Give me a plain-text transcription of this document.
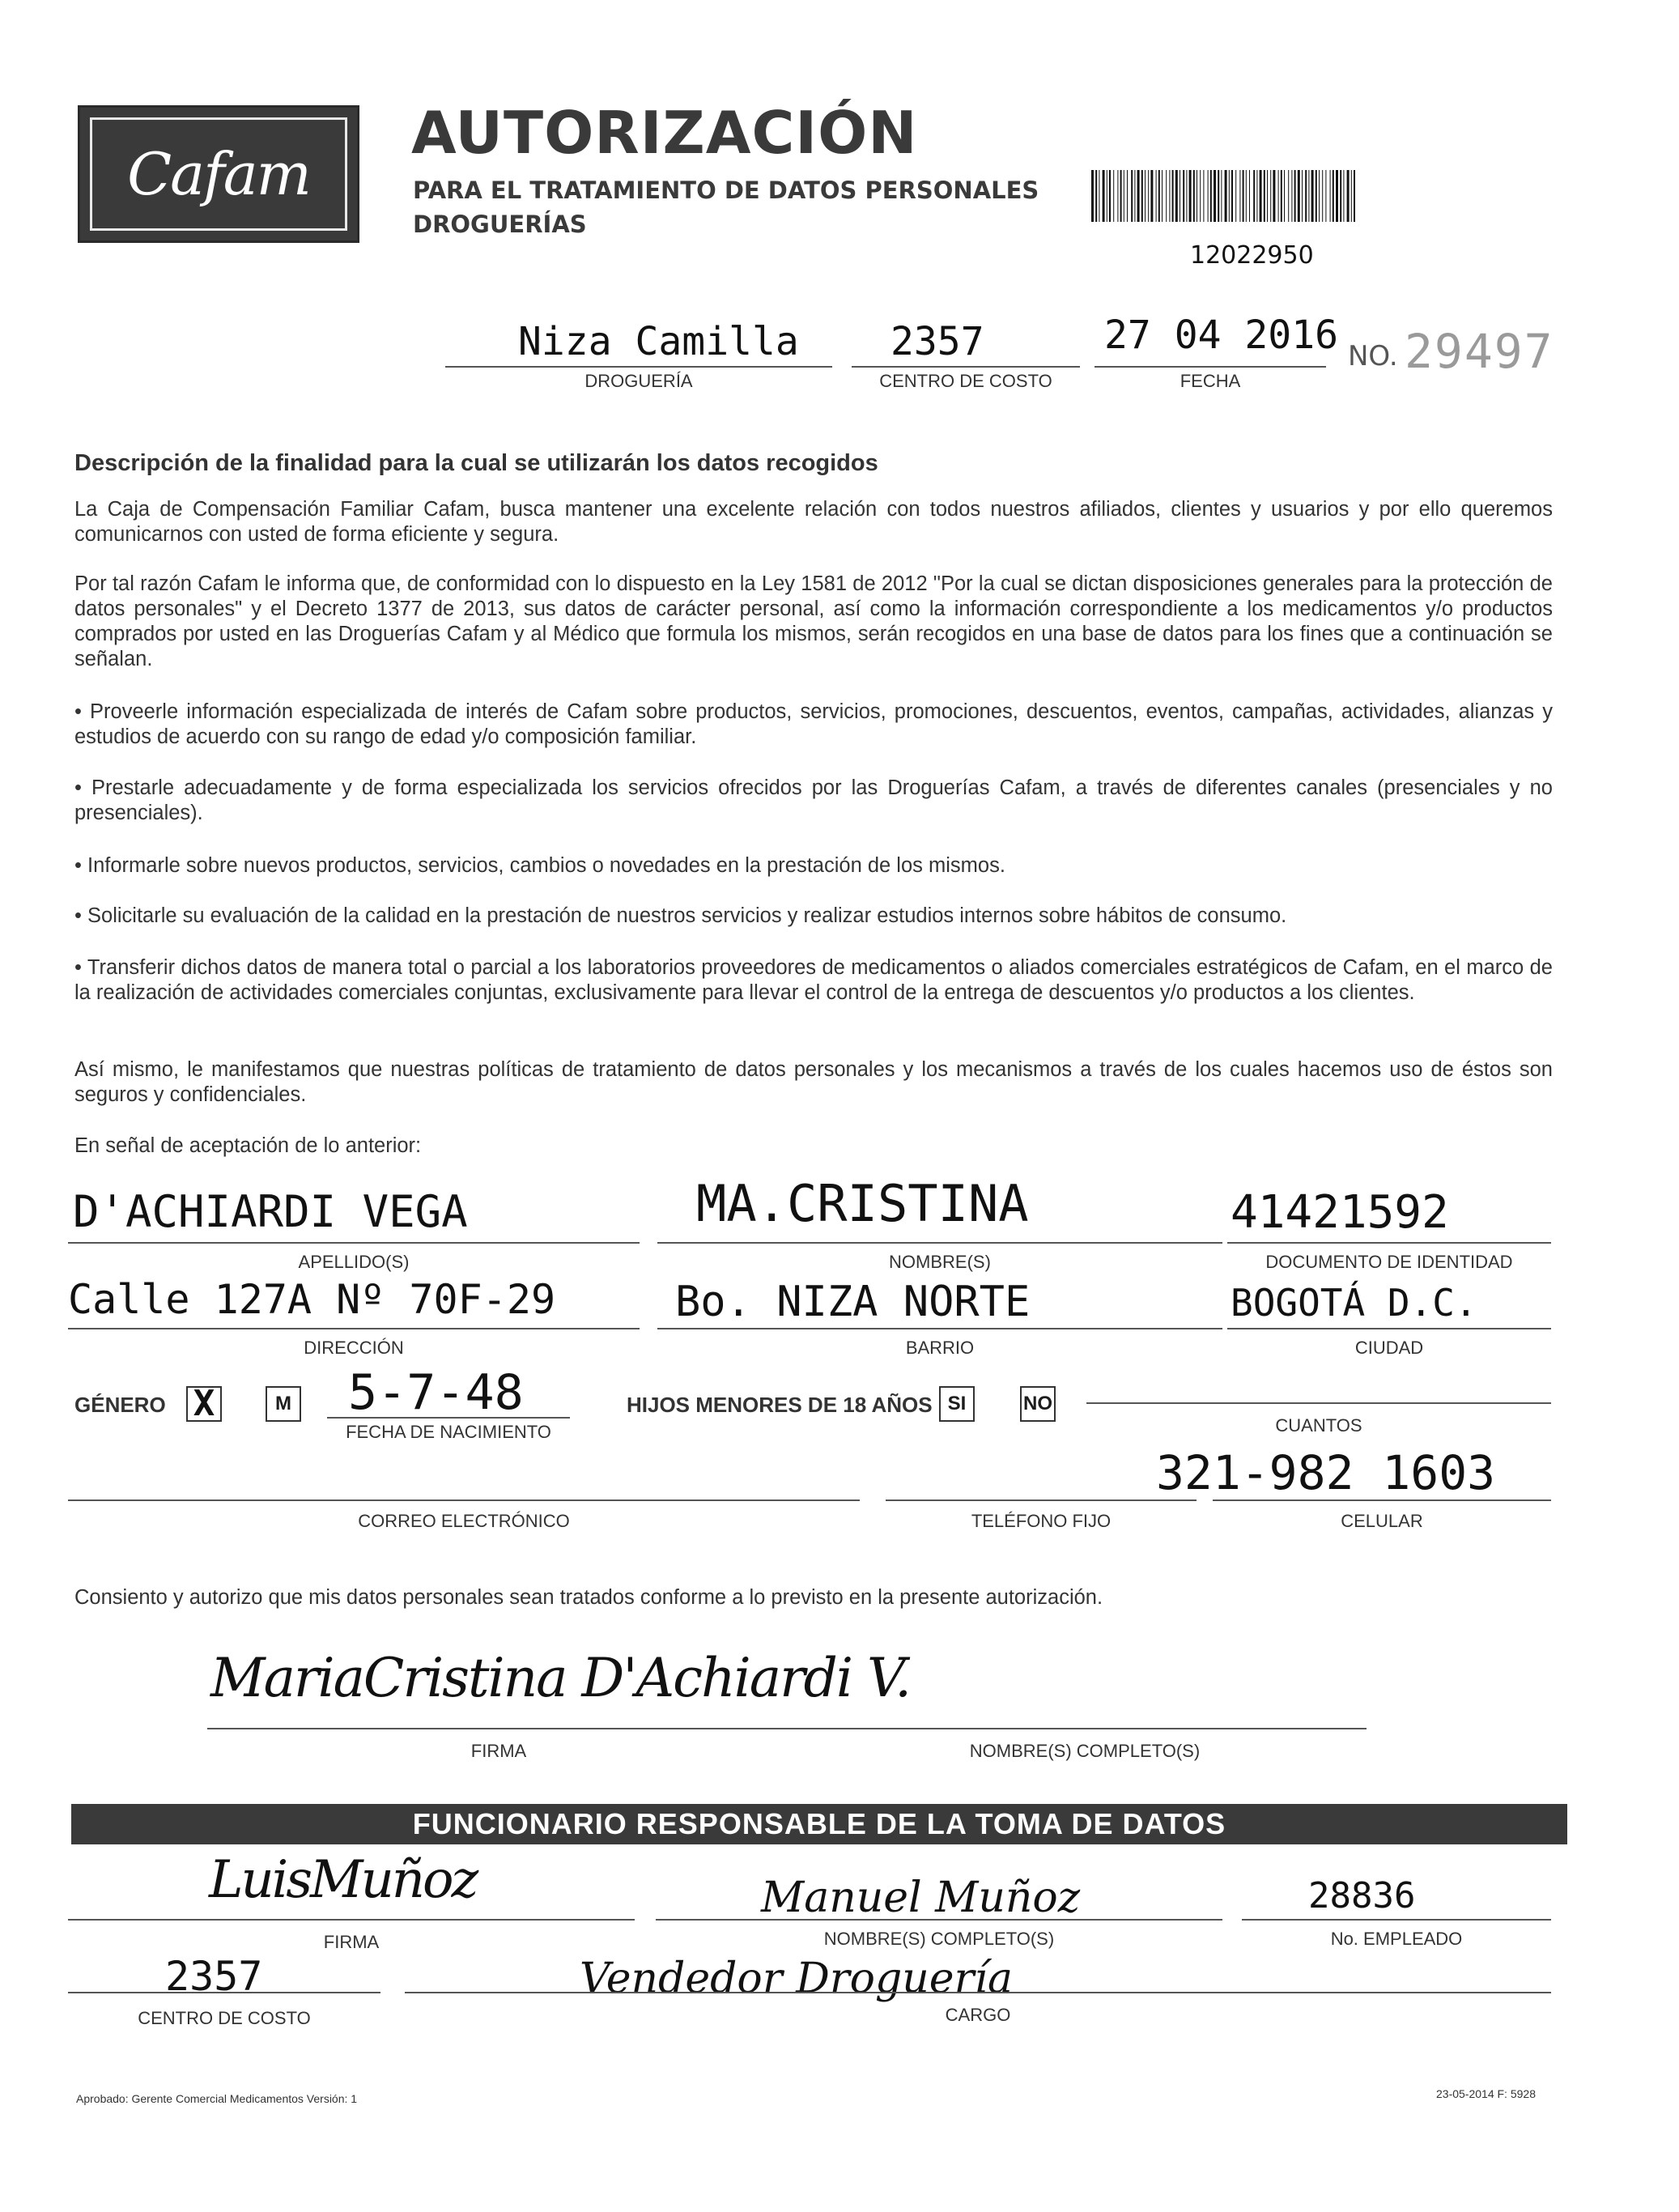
Cafam
AUTORIZACIÓN
PARA EL TRATAMIENTO DE DATOS PERSONALES
DROGUERÍAS
12022950
Niza Camilla
DROGUERÍA
2357
CENTRO DE COSTO
27 04 2016
FECHA
NO. 29497
Descripción de la finalidad para la cual se utilizarán los datos recogidos
La Caja de Compensación Familiar Cafam, busca mantener una excelente relación con todos nuestros afiliados, clientes y usuarios y por ello queremos comunicarnos con usted de forma eficiente y segura.
Por tal razón Cafam le informa que, de conformidad con lo dispuesto en la Ley 1581 de 2012 "Por la cual se dictan disposiciones generales para la protección de datos personales" y el Decreto 1377 de 2013, sus datos de carácter personal, así como la información correspondiente a los medicamentos y/o productos comprados por usted en las Droguerías Cafam y al Médico que formula los mismos, serán recogidos en una base de datos para los fines que a continuación se señalan.
• Proveerle información especializada de interés de Cafam sobre productos, servicios, promociones, descuentos, eventos, campañas, actividades, alianzas y estudios de acuerdo con su rango de edad y/o composición familiar.
• Prestarle adecuadamente y de forma especializada los servicios ofrecidos por las Droguerías Cafam, a través de diferentes canales (presenciales y no presenciales).
• Informarle sobre nuevos productos, servicios, cambios o novedades en la prestación de los mismos.
• Solicitarle su evaluación de la calidad en la prestación de nuestros servicios y realizar estudios internos sobre hábitos de consumo.
• Transferir dichos datos de manera total o parcial a los laboratorios proveedores de medicamentos o aliados comerciales estratégicos de Cafam, en el marco de la realización de actividades comerciales conjuntas, exclusivamente para llevar el control de la entrega de descuentos y/o productos a los clientes.
Así mismo, le manifestamos que nuestras políticas de tratamiento de datos personales y los mecanismos a través de los cuales hacemos uso de éstos son seguros y confidenciales.
En señal de aceptación de lo anterior:
D'ACHIARDI VEGA
APELLIDO(S)
MA.CRISTINA
NOMBRE(S)
41421592
DOCUMENTO DE IDENTIDAD
Calle 127A Nº 70F-29
DIRECCIÓN
Bo. NIZA NORTE
BARRIO
BOGOTÁ D.C.
CIUDAD
GÉNERO X	M 5-7-48
FECHA DE NACIMIENTO
HIJOS MENORES DE 18 AÑOS SI	NO
CUANTOS
CORREO ELECTRÓNICO	TELÉFONO FIJO
321-982 1603
CELULAR
Consiento y autorizo que mis datos personales sean tratados conforme a lo previsto en la presente autorización.
MariaCristina D'Achiardi V.
FIRMA	NOMBRE(S) COMPLETO(S)
FUNCIONARIO RESPONSABLE DE LA TOMA DE DATOS
LuisMuñoz
FIRMA
Manuel Muñoz
NOMBRE(S) COMPLETO(S)
28836
No. EMPLEADO
2357
CENTRO DE COSTO
Vendedor Droguería
CARGO
Aprobado: Gerente Comercial Medicamentos Versión: 1	23-05-2014 F: 5928
